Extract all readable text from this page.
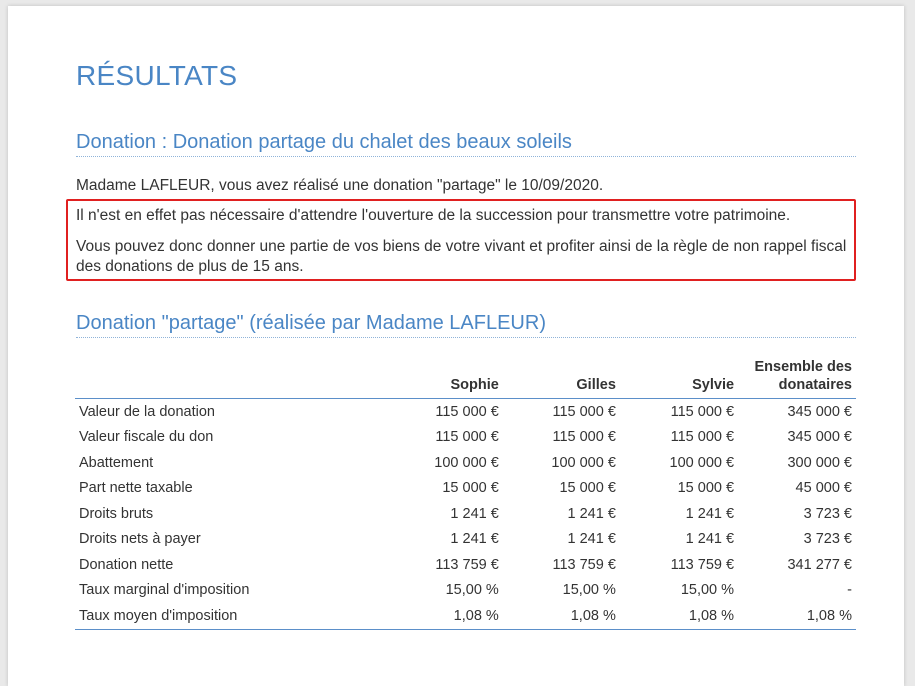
RÉSULTATS
Donation : Donation partage du chalet des beaux soleils

Madame LAFLEUR, vous avez réalisé une donation "partage" le 10/09/2020.

Il n'est en effet pas nécessaire d'attendre l'ouverture de la succession pour transmettre votre patrimoine.

Vous pouvez donc donner une partie de vos biens de votre vivant et profiter ainsi de la règle de non rappel fiscal des donations de plus de 15 ans.

Donation "partage" (réalisée par Madame LAFLEUR)
	Sophie	Gilles	Sylvie	Ensemble des donataires
Valeur de la donation	115 000 €	115 000 €	115 000 €	345 000 €
Valeur fiscale du don	115 000 €	115 000 €	115 000 €	345 000 €
Abattement	100 000 €	100 000 €	100 000 €	300 000 €
Part nette taxable	15 000 €	15 000 €	15 000 €	45 000 €
Droits bruts	1 241 €	1 241 €	1 241 €	3 723 €
Droits nets à payer	1 241 €	1 241 €	1 241 €	3 723 €
Donation nette	113 759 €	113 759 €	113 759 €	341 277 €
Taux marginal d'imposition	15,00 %	15,00 %	15,00 %	-
Taux moyen d'imposition	1,08 %	1,08 %	1,08 %	1,08 %
